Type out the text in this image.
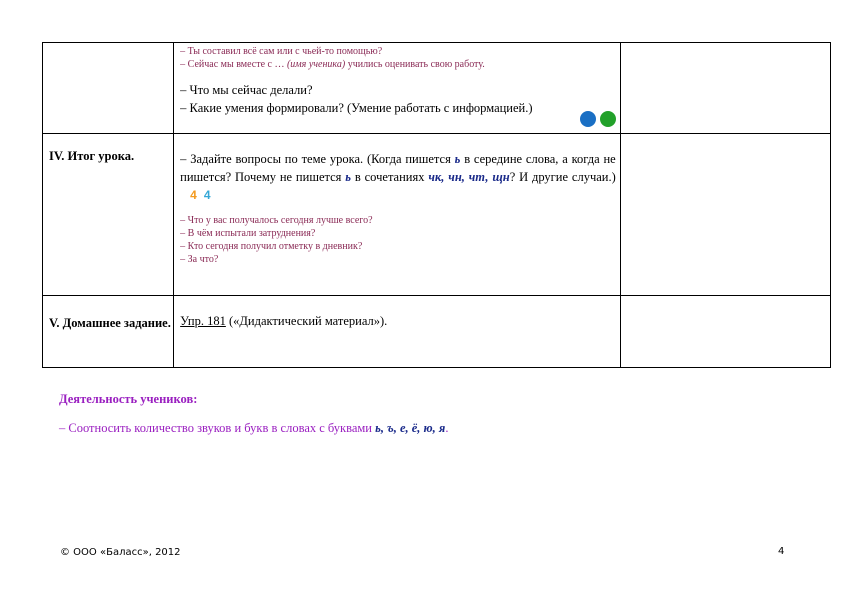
	– Ты составил всё сам или с чьей-то помощью?
– Сейчас мы вместе с … (имя ученика) учились оценивать свою работу.
– Что мы сейчас делали?
– Какие умения формировали? (Умение работать с информацией.)	

IV. Итог урока.	– Задайте вопросы по теме урока. (Когда пишется ь в середине слова, а когда не пишется? Почему не пишется ь в сочетаниях чк, чн, чт, щн? И другие случаи.) 4 4
– Что у вас получалось сегодня лучше всего?
– В чём испытали затруднения?
– Кто сегодня получил отметку в дневник?
– За что?	

V. Домашнее задание.	Упр. 181 («Дидактический материал»).	

Деятельность учеников:
– Соотносить количество звуков и букв в словах с буквами ь, ъ, е, ё, ю, я.
© ООО «Баласс», 2012	4
